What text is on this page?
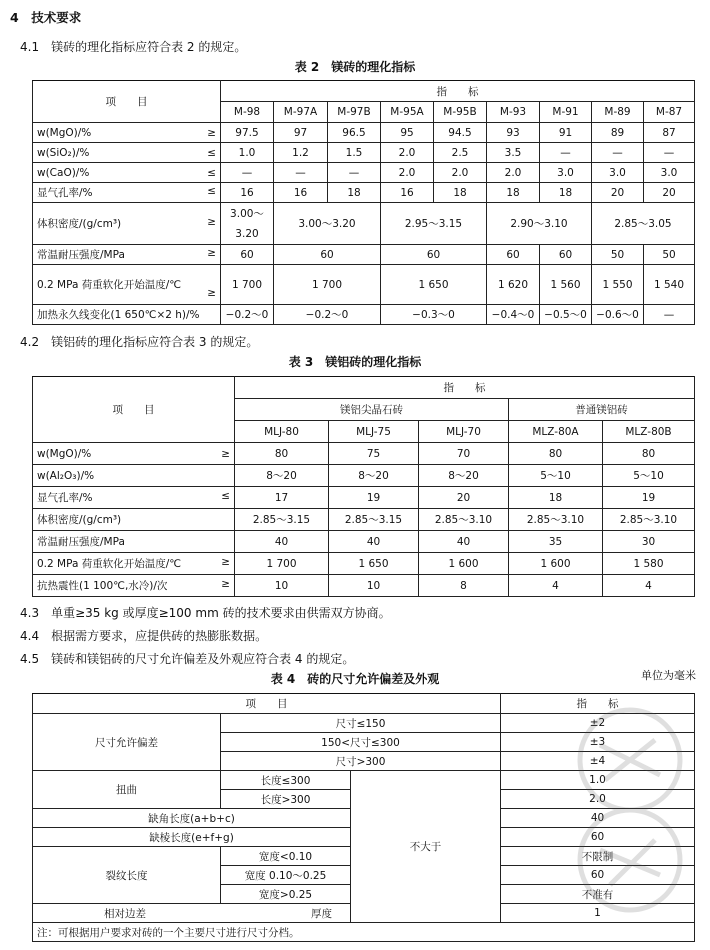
4　技术要求
4.1　镁砖的理化指标应符合表 2 的规定。
表 2　镁砖的理化指标
项　　目	指　　标								
	M-98	M-97A	M-97B	M-95A	M-95B	M-93	M-91	M-89	M-87
w(MgO)/% ≥	97.5	97	96.5	95	94.5	93	91	89	87
w(SiO₂)/% ≤	1.0	1.2	1.5	2.0	2.5	3.5	—	—	—
w(CaO)/% ≤	—	—	—	2.0	2.0	2.0	3.0	3.0	3.0
显气孔率/% ≤	16	16	18	16	18	18	18	20	20
体积密度/(g/cm³) ≥	3.00～
3.20	3.00～3.20		2.95～3.15		2.90～3.10		2.85～3.05	
常温耐压强度/MPa ≥	60	60		60		60	60	50	50
0.2 MPa 荷重软化开始温度/℃

≥	1 700	1 700		1 650		1 620	1 560	1 550	1 540
加热永久线变化(1 650℃×2 h)/%	−0.2～0	−0.2～0		−0.3～0		−0.4～0	−0.5～0	−0.6～0	—
4.2　镁铝砖的理化指标应符合表 3 的规定。
表 3　镁铝砖的理化指标
项　　目	指　　标				
	镁铝尖晶石砖			普通镁铝砖	
	MLJ-80	MLJ-75	MLJ-70	MLZ-80A	MLZ-80B
w(MgO)/% ≥	80	75	70	80	80
w(Al₂O₃)/%	8～20	8～20	8～20	5～10	5～10
显气孔率/% ≤	17	19	20	18	19
体积密度/(g/cm³)	2.85～3.15	2.85～3.15	2.85～3.10	2.85～3.10	2.85～3.10
常温耐压强度/MPa	40	40	40	35	30
0.2 MPa 荷重软化开始温度/℃ ≥	1 700	1 650	1 600	1 600	1 580
抗热震性(1 100℃,水冷)/次 ≥	10	10	8	4	4
4.3　单重≥35 kg 或厚度≥100 mm 砖的技术要求由供需双方协商。
4.4　根据需方要求，应提供砖的热膨胀数据。
4.5　镁砖和镁铝砖的尺寸允许偏差及外观应符合表 4 的规定。
表 4　砖的尺寸允许偏差及外观	单位为毫米
项　　目			指　　标
尺寸允许偏差	尺寸≤150		±2
	150<尺寸≤300		±3
	尺寸>300		±4
扭曲	长度≤300	不大于	1.0
	长度>300		2.0
缺角长度(a+b+c)			40
缺棱长度(e+f+g)			60
裂纹长度	宽度<0.10		不限制
	宽度 0.10～0.25		60
	宽度>0.25		不准有

相对边差 厚度			1
注：可根据用户要求对砖的一个主要尺寸进行尺寸分档。			
